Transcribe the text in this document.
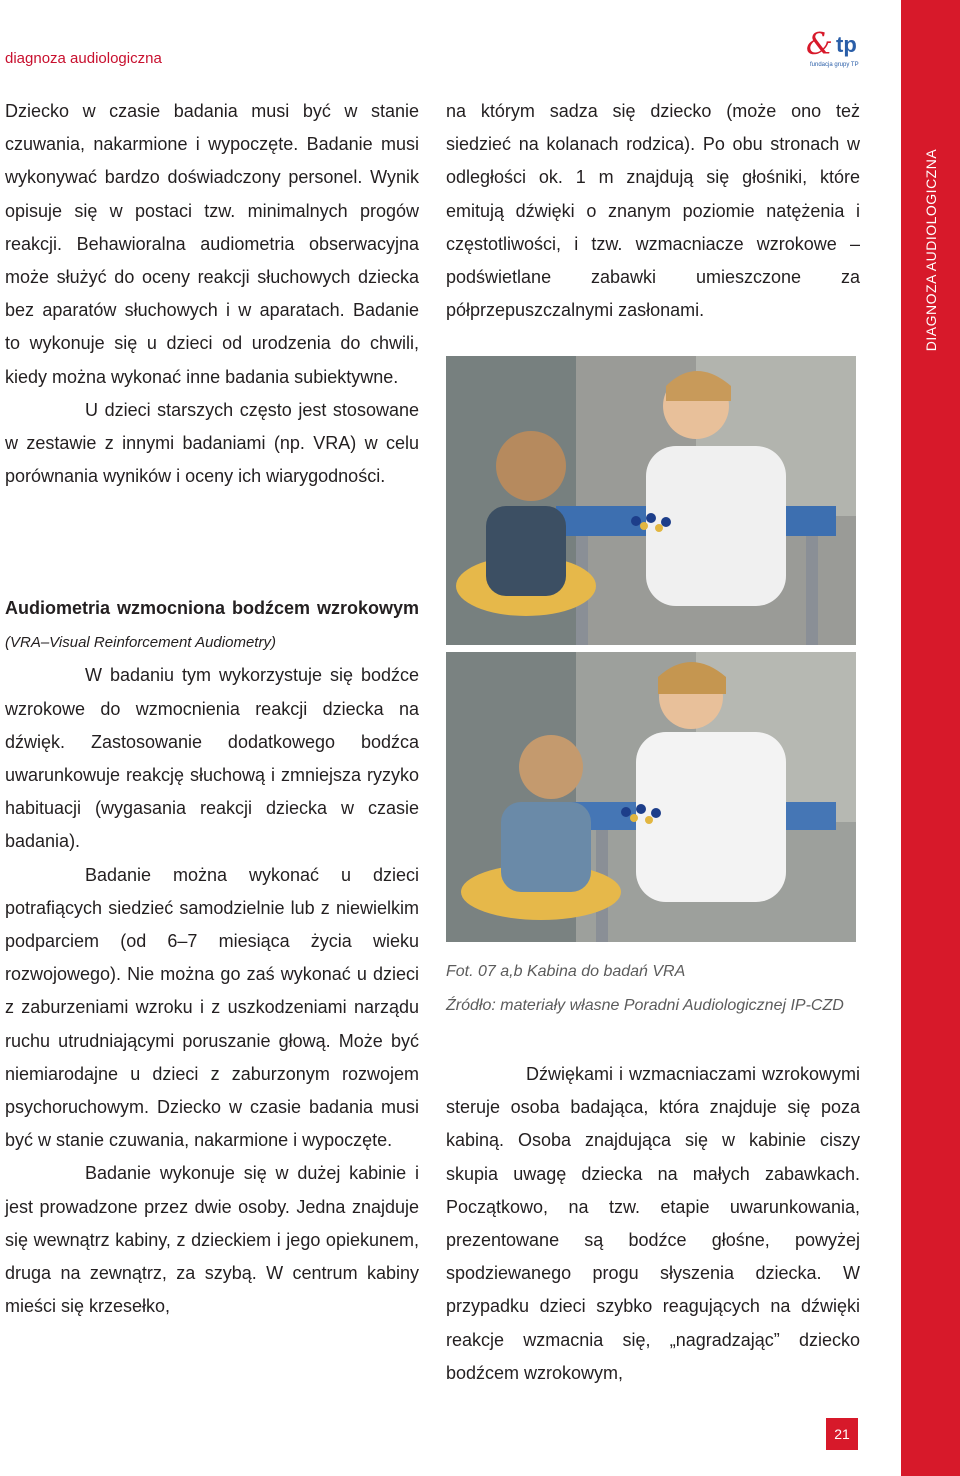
diagnoza audiologiczna	& tp
fundacja grupy TP
DIAGNOZA AUDIOLOGICZNA

Dziecko w czasie badania musi być w stanie czuwania, nakarmione i wypoczęte. Badanie musi wykonywać bardzo doświadczony personel. Wynik opisuje się w postaci tzw. minimalnych progów reakcji. Behawioralna audiometria obserwacyjna może służyć do oceny reakcji słuchowych dziecka bez aparatów słuchowych i w aparatach. Badanie to wykonuje się u dzieci od urodzenia do chwili, kiedy można wykonać inne badania subiektywne.

U dzieci starszych często jest stosowane w zestawie z innymi badaniami (np. VRA) w celu porównania wyników i oceny ich wiarygodności.

Audiometria wzmocniona bodźcem wzrokowym (VRA–Visual Reinforcement Audiometry)

W badaniu tym wykorzystuje się bodźce wzrokowe do wzmocnienia reakcji dziecka na dźwięk. Zastosowanie dodatkowego bodźca uwarunkowuje reakcję słuchową i zmniejsza ryzyko habituacji (wygasania reakcji dziecka w czasie badania).

Badanie można wykonać u dzieci potrafiących siedzieć samodzielnie lub z niewielkim podparciem (od 6–7 miesiąca życia wieku rozwojowego). Nie można go zaś wykonać u dzieci z zaburzeniami wzroku i z uszkodzeniami narządu ruchu utrudniającymi poruszanie głową. Może być niemiarodajne u dzieci z zaburzonym rozwojem psychoruchowym. Dziecko w czasie badania musi być w stanie czuwania, nakarmione i wypoczęte.

Badanie wykonuje się w dużej kabinie i jest prowadzone przez dwie osoby. Jedna znajduje się wewnątrz kabiny, z dzieckiem i jego opiekunem, druga na zewnątrz, za szybą. W centrum kabiny mieści się krzesełko,

na którym sadza się dziecko (może ono też siedzieć na kolanach rodzica). Po obu stronach w odległości ok. 1 m znajdują się głośniki, które emitują dźwięki o znanym poziomie natężenia i częstotliwości, i tzw. wzmacniacze wzrokowe – podświetlane zabawki umieszczone za półprzepuszczalnymi zasłonami.

Fot. 07 a,b Kabina do badań VRA
Źródło: materiały własne Poradni Audiologicznej IP-CZD

Dźwiękami i wzmacniaczami wzrokowymi steruje osoba badająca, która znajduje się poza kabiną. Osoba znajdująca się w kabinie ciszy skupia uwagę dziecka na małych zabawkach. Początkowo, na tzw. etapie uwarunkowania, prezentowane są bodźce głośne, powyżej spodziewanego progu słyszenia dziecka. W przypadku dzieci szybko reagujących na dźwięki reakcje wzmacnia się, „nagradzając” dziecko bodźcem wzrokowym,

21
